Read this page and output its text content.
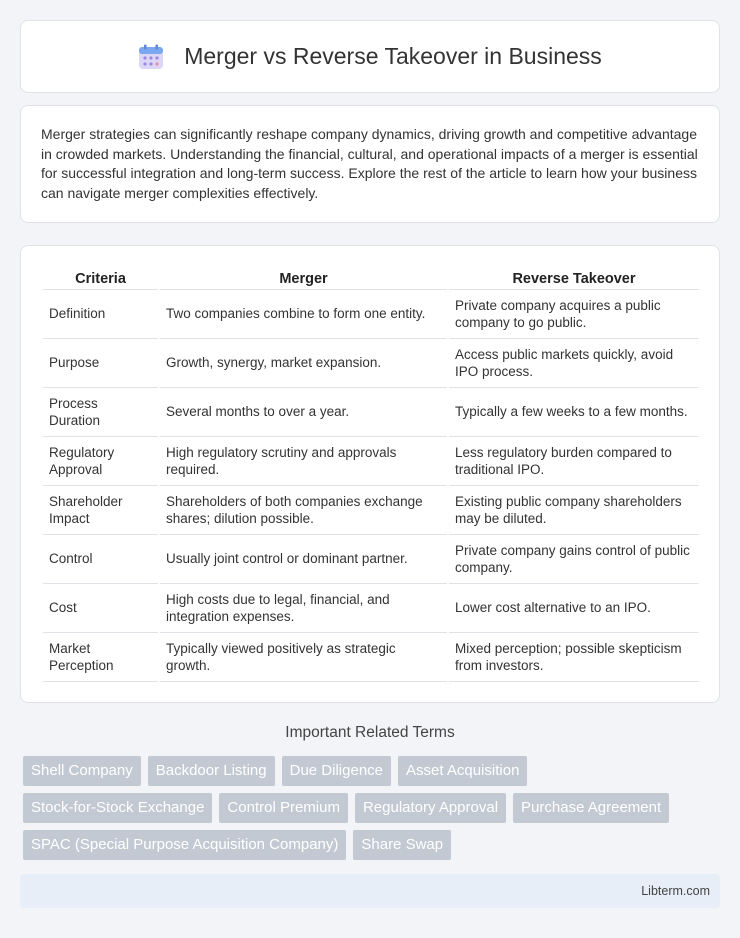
Merger vs Reverse Takeover in Business

Merger strategies can significantly reshape company dynamics, driving growth and competitive advantage in crowded markets. Understanding the financial, cultural, and operational impacts of a merger is essential for successful integration and long-term success. Explore the rest of the article to learn how your business can navigate merger complexities effectively.

Criteria	Merger	Reverse Takeover
Definition	Two companies combine to form one entity.	Private company acquires a public company to go public.
Purpose	Growth, synergy, market expansion.	Access public markets quickly, avoid IPO process.
Process Duration	Several months to over a year.	Typically a few weeks to a few months.
Regulatory Approval	High regulatory scrutiny and approvals required.	Less regulatory burden compared to traditional IPO.
Shareholder Impact	Shareholders of both companies exchange shares; dilution possible.	Existing public company shareholders may be diluted.
Control	Usually joint control or dominant partner.	Private company gains control of public company.
Cost	High costs due to legal, financial, and integration expenses.	Lower cost alternative to an IPO.
Market Perception	Typically viewed positively as strategic growth.	Mixed perception; possible skepticism from investors.
Important Related Terms
Shell Company	Backdoor Listing	Due Diligence	Asset Acquisition
Stock-for-Stock Exchange	Control Premium	Regulatory Approval	Purchase Agreement
SPAC (Special Purpose Acquisition Company)	Share Swap
Libterm.com
